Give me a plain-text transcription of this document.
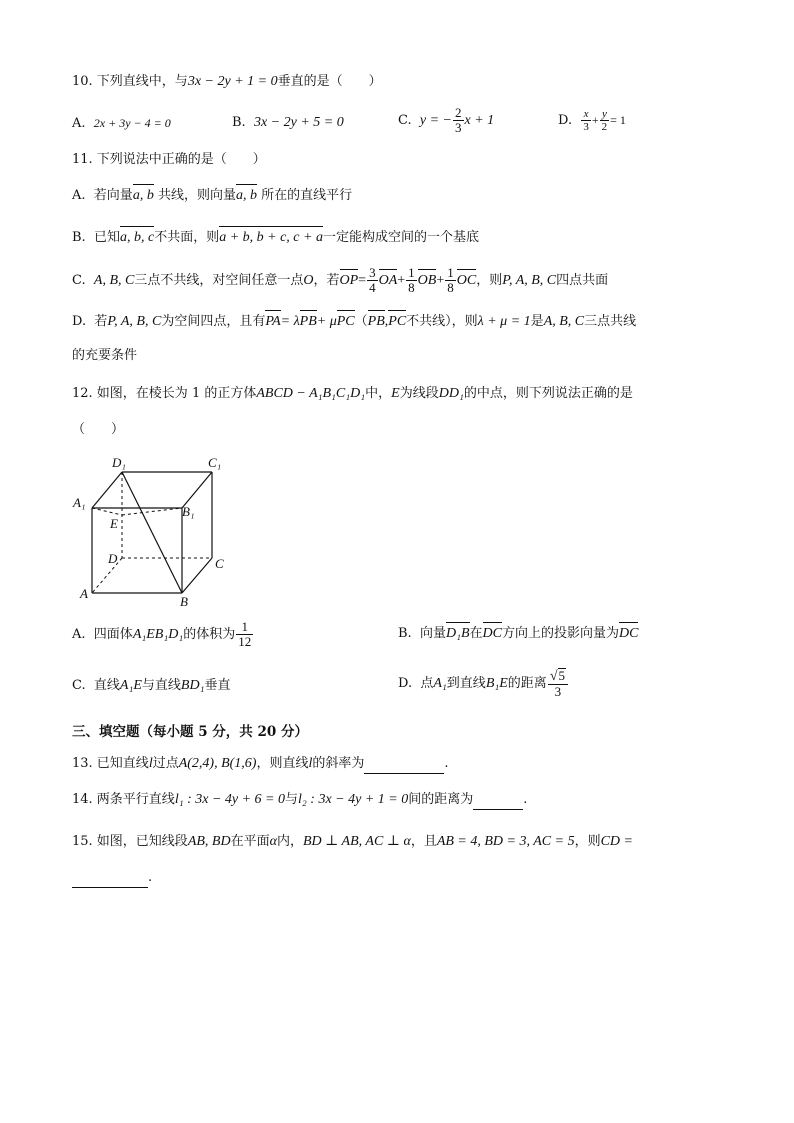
10. 下列直线中，与3x − 2y + 1 = 0垂直的是（　　）
A. 2x + 3y − 4 = 0	B. 3x − 2y + 5 = 0	C. y = − $\frac{2}{3}$ x + 1	D. $\frac{x}{3} + \frac{y}{2} = 1$
11. 下列说法中正确的是（　　）
A. 若向量a, b 共线，则向量a, b 所在的直线平行
B. 已知a, b, c不共面，则a + b, b + c, c + a一定能构成空间的一个基底
C. A, B, C三点不共线，对空间任意一点O，若$OP= \frac{3}{4} OA+ \frac{1}{8} OB+ \frac{1}{8}$ OC，则P, A, B, C四点共面
D. 若P, A, B, C为空间四点，且有PA= λPB+ μPC（PB,PC不共线），则λ + μ = 1是A, B, C三点共线
的充要条件
12. 如图，在棱长为 1 的正方体ABCD − A₁B₁C₁D₁中，E为线段DD₁的中点，则下列说法正确的是
（　　）
D₁	C₁
A₁
B₁
E
D	C
A
B
A. 四面体A₁EB₁D₁的体积为 $\frac{1}{12}$	B. 向量D₁B在DC方向上的投影向量为DC
C. 直线A₁E与直线BD₁垂直	D. 点A₁到直线B₁E的距离 $\frac{√5}{3}$
三、填空题（每小题 5 分，共 20 分）
13. 已知直线l过点A(2,4), B(1,6)，则直线l的斜率为	.
14. 两条平行直线l₁ : 3x − 4y + 6 = 0与l₂ : 3x − 4y + 1 = 0间的距离为	.
15. 如图，已知线段AB, BD在平面α内，BD ⊥ AB, AC ⊥ α，且AB = 4, BD = 3, AC = 5，则CD =
.
